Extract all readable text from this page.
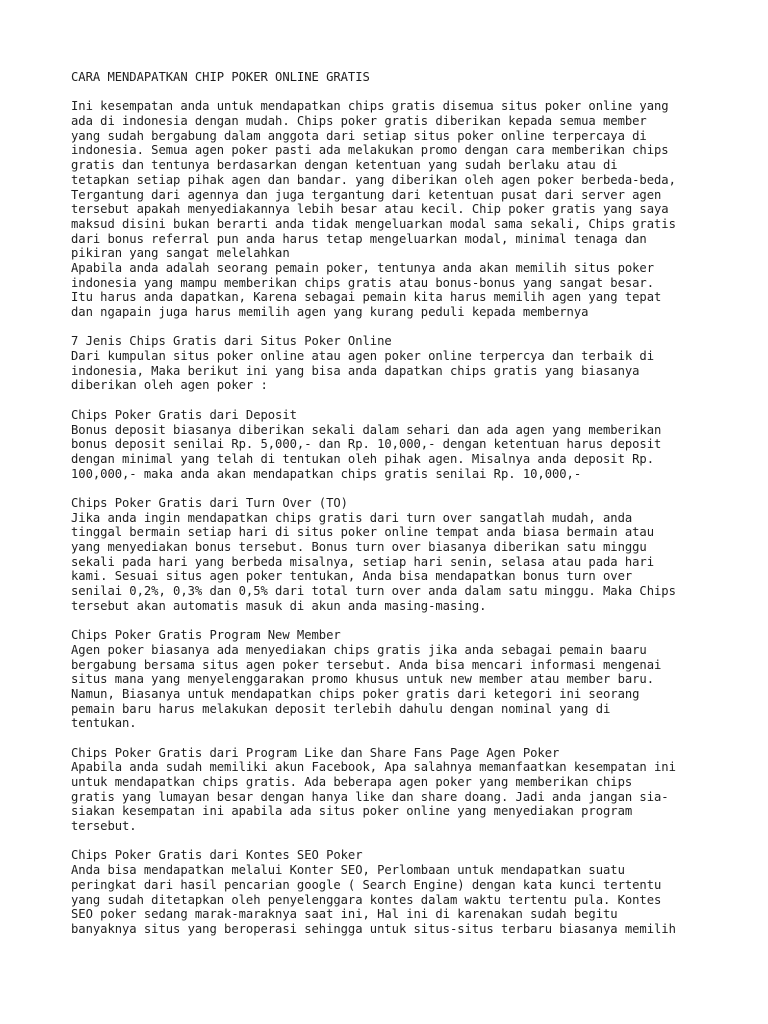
CARA MENDAPATKAN CHIP POKER ONLINE GRATIS
Ini kesempatan anda untuk mendapatkan chips gratis disemua situs poker online yang
ada di indonesia dengan mudah. Chips poker gratis diberikan kepada semua member
yang sudah bergabung dalam anggota dari setiap situs poker online terpercaya di
indonesia. Semua agen poker pasti ada melakukan promo dengan cara memberikan chips
gratis dan tentunya berdasarkan dengan ketentuan yang sudah berlaku atau di
tetapkan setiap pihak agen dan bandar. yang diberikan oleh agen poker berbeda-beda,
Tergantung dari agennya dan juga tergantung dari ketentuan pusat dari server agen
tersebut apakah menyediakannya lebih besar atau kecil. Chip poker gratis yang saya
maksud disini bukan berarti anda tidak mengeluarkan modal sama sekali, Chips gratis
dari bonus referral pun anda harus tetap mengeluarkan modal, minimal tenaga dan
pikiran yang sangat melelahkan
Apabila anda adalah seorang pemain poker, tentunya anda akan memilih situs poker
indonesia yang mampu memberikan chips gratis atau bonus-bonus yang sangat besar.
Itu harus anda dapatkan, Karena sebagai pemain kita harus memilih agen yang tepat
dan ngapain juga harus memilih agen yang kurang peduli kepada membernya
7 Jenis Chips Gratis dari Situs Poker Online
Dari kumpulan situs poker online atau agen poker online terpercya dan terbaik di
indonesia, Maka berikut ini yang bisa anda dapatkan chips gratis yang biasanya
diberikan oleh agen poker :
Chips Poker Gratis dari Deposit
Bonus deposit biasanya diberikan sekali dalam sehari dan ada agen yang memberikan
bonus deposit senilai Rp. 5,000,- dan Rp. 10,000,- dengan ketentuan harus deposit
dengan minimal yang telah di tentukan oleh pihak agen. Misalnya anda deposit Rp.
100,000,- maka anda akan mendapatkan chips gratis senilai Rp. 10,000,-
Chips Poker Gratis dari Turn Over (TO)
Jika anda ingin mendapatkan chips gratis dari turn over sangatlah mudah, anda
tinggal bermain setiap hari di situs poker online tempat anda biasa bermain atau
yang menyediakan bonus tersebut. Bonus turn over biasanya diberikan satu minggu
sekali pada hari yang berbeda misalnya, setiap hari senin, selasa atau pada hari
kami. Sesuai situs agen poker tentukan, Anda bisa mendapatkan bonus turn over
senilai 0,2%, 0,3% dan 0,5% dari total turn over anda dalam satu minggu. Maka Chips
tersebut akan automatis masuk di akun anda masing-masing.
Chips Poker Gratis Program New Member
Agen poker biasanya ada menyediakan chips gratis jika anda sebagai pemain baaru
bergabung bersama situs agen poker tersebut. Anda bisa mencari informasi mengenai
situs mana yang menyelenggarakan promo khusus untuk new member atau member baru.
Namun, Biasanya untuk mendapatkan chips poker gratis dari ketegori ini seorang
pemain baru harus melakukan deposit terlebih dahulu dengan nominal yang di
tentukan.
Chips Poker Gratis dari Program Like dan Share Fans Page Agen Poker
Apabila anda sudah memiliki akun Facebook, Apa salahnya memanfaatkan kesempatan ini
untuk mendapatkan chips gratis. Ada beberapa agen poker yang memberikan chips
gratis yang lumayan besar dengan hanya like dan share doang. Jadi anda jangan sia-
siakan kesempatan ini apabila ada situs poker online yang menyediakan program
tersebut.
Chips Poker Gratis dari Kontes SEO Poker
Anda bisa mendapatkan melalui Konter SEO, Perlombaan untuk mendapatkan suatu
peringkat dari hasil pencarian google ( Search Engine) dengan kata kunci tertentu
yang sudah ditetapkan oleh penyelenggara kontes dalam waktu tertentu pula. Kontes
SEO poker sedang marak-maraknya saat ini, Hal ini di karenakan sudah begitu
banyaknya situs yang beroperasi sehingga untuk situs-situs terbaru biasanya memilih
